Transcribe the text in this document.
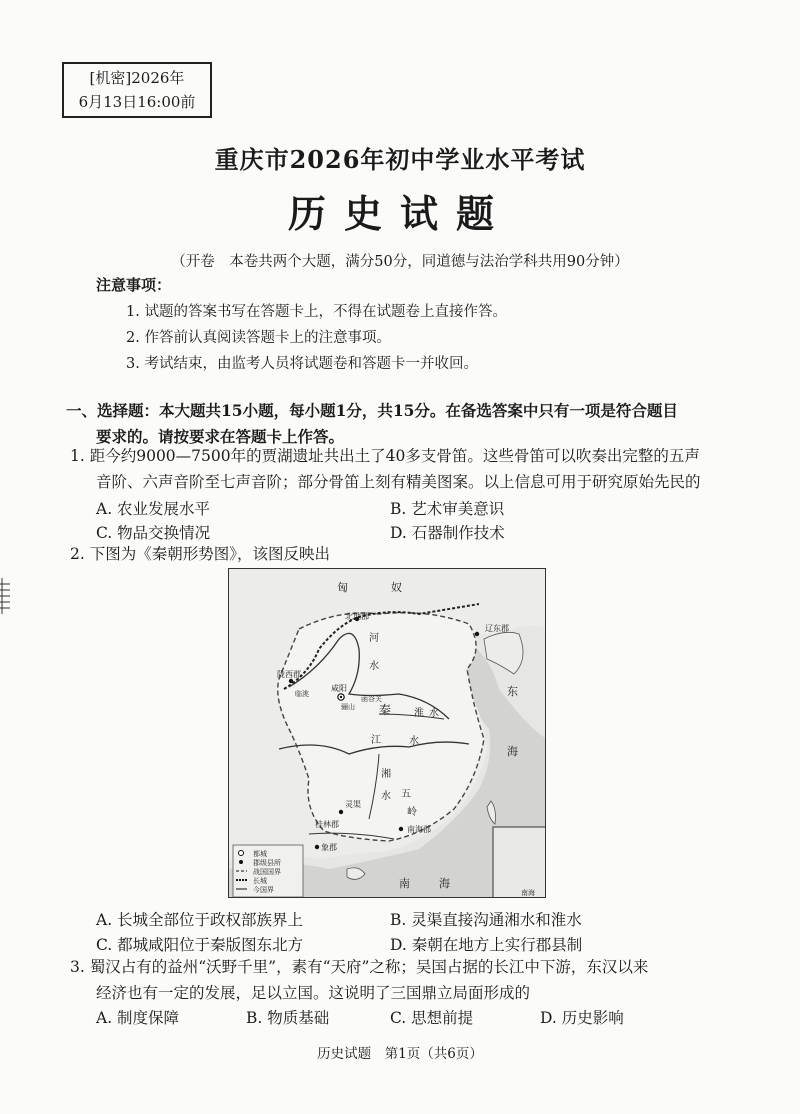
[机密]2026年
6月13日16:00前
重庆市2026年初中学业水平考试
历史试题
（开卷　本卷共两个大题，满分50分，同道德与法治学科共用90分钟）
注意事项：
1. 试题的答案书写在答题卡上，不得在试题卷上直接作答。
2. 作答前认真阅读答题卡上的注意事项。
3. 考试结束，由监考人员将试题卷和答题卡一并收回。
一、选择题：本大题共15小题，每小题1分，共15分。在备选答案中只有一项是符合题目
要求的。请按要求在答题卡上作答。
1. 距今约9000—7500年的贾湖遗址共出土了40多支骨笛。这些骨笛可以吹奏出完整的五声
音阶、六声音阶至七声音阶；部分骨笛上刻有精美图案。以上信息可用于研究原始先民的
A. 农业发展水平	B. 艺术审美意识
C. 物品交换情况	D. 石器制作技术
2. 下图为《秦朝形势图》，该图反映出
匈	奴
北地郡
辽东郡
陇西郡
临洮
咸阳
骊山
函谷关
河
水
秦 淮 水
江	水
湘
水
灵渠
五
岭
桂林郡
南海郡
象郡
东
海
南	海
南海
都城
郡级县所
战国国界
长城
今国界
A. 长城全部位于政权部族界上	B. 灵渠直接沟通湘水和淮水
C. 都城咸阳位于秦版图东北方	D. 秦朝在地方上实行郡县制
3. 蜀汉占有的益州“沃野千里”，素有“天府”之称；吴国占据的长江中下游，东汉以来
经济也有一定的发展，足以立国。这说明了三国鼎立局面形成的
A. 制度保障	B. 物质基础	C. 思想前提	D. 历史影响
历史试题　第1页（共6页）
